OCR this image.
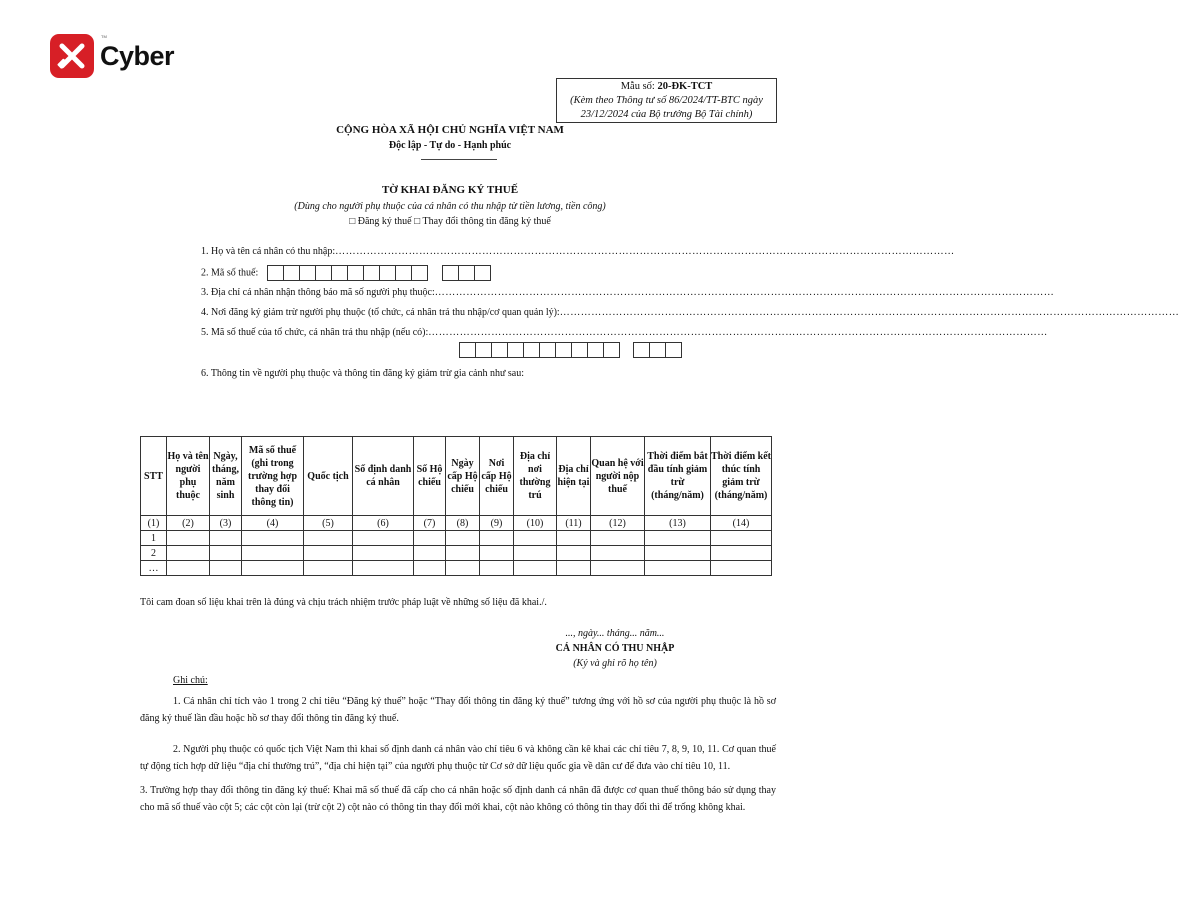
Cyber
TM
Mẫu số: 20-ĐK-TCT
(Kèm theo Thông tư số 86/2024/TT-BTC ngày
23/12/2024 của Bộ trưởng Bộ Tài chính)
CỘNG HÒA XÃ HỘI CHỦ NGHĨA VIỆT NAM
Độc lập - Tự do - Hạnh phúc
TỜ KHAI ĐĂNG KÝ THUẾ
(Dùng cho người phụ thuộc của cá nhân có thu nhập từ tiền lương, tiền công)
□ Đăng ký thuế □ Thay đổi thông tin đăng ký thuế
1. Họ và tên cá nhân có thu nhập:……………………………………………………………………………………………………………………………………………………………
2. Mã số thuế:

3. Địa chỉ cá nhân nhận thông báo mã số người phụ thuộc:……………………………………………………………………………………………………………………………………………………………
4. Nơi đăng ký giảm trừ người phụ thuộc (tổ chức, cá nhân trả thu nhập/cơ quan quản lý):……………………………………………………………………………………………………………………………………………………………
5. Mã số thuế của tổ chức, cá nhân trả thu nhập (nếu có):……………………………………………………………………………………………………………………………………………………………

6. Thông tin về người phụ thuộc và thông tin đăng ký giảm trừ gia cảnh như sau:
STT	Họ và tên người phụ thuộc	Ngày, tháng, năm sinh	Mã số thuế (ghi trong trường hợp thay đổi thông tin)	Quốc tịch	Số định danh cá nhân	Số Hộ chiếu	Ngày cấp Hộ chiếu	Nơi cấp Hộ chiếu	Địa chỉ nơi thường trú	Địa chỉ hiện tại	Quan hệ với người nộp thuế	Thời điểm bắt đầu tính giảm trừ (tháng/năm)	Thời điểm kết thúc tính giảm trừ (tháng/năm)
(1)	(2)	(3)	(4)	(5)	(6)	(7)	(8)	(9)	(10)	(11)	(12)	(13)	(14)
1													
2													
…													
Tôi cam đoan số liệu khai trên là đúng và chịu trách nhiệm trước pháp luật về những số liệu đã khai./.
..., ngày... tháng... năm...
CÁ NHÂN CÓ THU NHẬP
(Ký và ghi rõ họ tên)
Ghi chú:
1. Cá nhân chỉ tích vào 1 trong 2 chỉ tiêu “Đăng ký thuế” hoặc “Thay đổi thông tin đăng ký thuế” tương ứng với hồ sơ của người phụ thuộc là hồ sơ đăng ký thuế lần đầu hoặc hồ sơ thay đổi thông tin đăng ký thuế.
2. Người phụ thuộc có quốc tịch Việt Nam thì khai số định danh cá nhân vào chỉ tiêu 6 và không cần kê khai các chỉ tiêu 7, 8, 9, 10, 11. Cơ quan thuế tự động tích hợp dữ liệu “địa chỉ thường trú”, “địa chỉ hiện tại” của người phụ thuộc từ Cơ sở dữ liệu quốc gia về dân cư để đưa vào chỉ tiêu 10, 11.
3. Trường hợp thay đổi thông tin đăng ký thuế: Khai mã số thuế đã cấp cho cá nhân hoặc số định danh cá nhân đã được cơ quan thuế thông báo sử dụng thay cho mã số thuế vào cột 5; các cột còn lại (trừ cột 2) cột nào có thông tin thay đổi mới khai, cột nào không có thông tin thay đổi thì để trống không khai.
